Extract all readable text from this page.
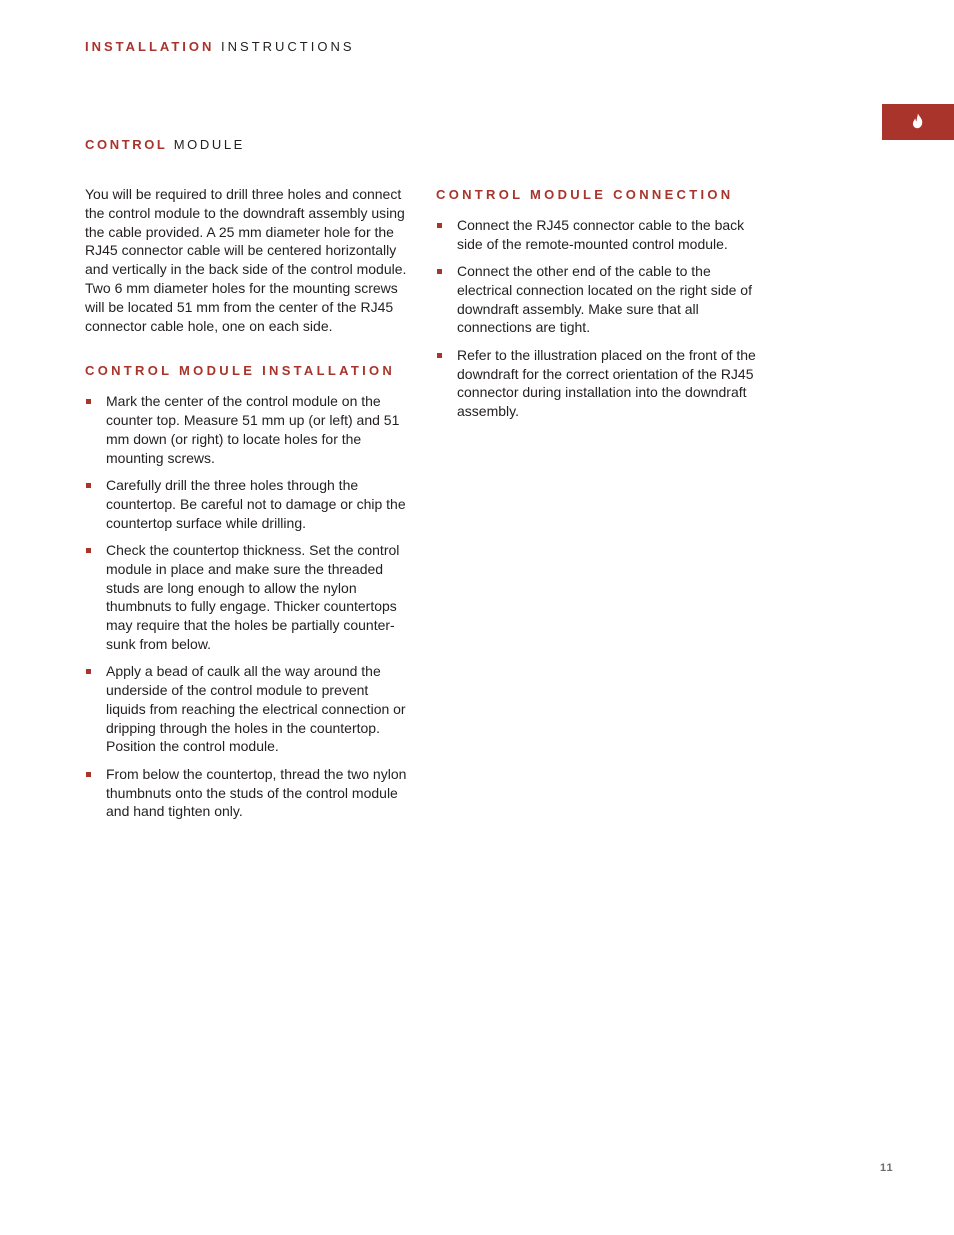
INSTALLATION INSTRUCTIONS
CONTROL MODULE

You will be required to drill three holes and connect the control module to the downdraft assembly using the cable provided. A 25 mm diameter hole for the RJ45 connector cable will be centered horizontally and vertically in the back side of the control module. Two 6 mm diameter holes for the mounting screws will be located 51 mm from the center of the RJ45 connector cable hole, one on each side.

CONTROL MODULE INSTALLATION
Mark the center of the control module on the counter top. Measure 51 mm up (or left) and 51 mm down (or right) to locate holes for the mounting screws.
Carefully drill the three holes through the countertop. Be careful not to damage or chip the countertop surface while drilling.
Check the countertop thickness. Set the control module in place and make sure the threaded studs are long enough to allow the nylon thumbnuts to fully engage. Thicker countertops may require that the holes be partially counter-sunk from below.
Apply a bead of caulk all the way around the underside of the control module to prevent liquids from reaching the electrical connection or dripping through the holes in the countertop. Position the control module.
From below the countertop, thread the two nylon thumbnuts onto the studs of the control module and hand tighten only.
CONTROL MODULE CONNECTION
Connect the RJ45 connector cable to the back side of the remote-mounted control module.
Connect the other end of the cable to the electrical connection located on the right side of downdraft assembly. Make sure that all connections are tight.
Refer to the illustration placed on the front of the downdraft for the correct orientation of the RJ45 connector during installation into the downdraft assembly.
11
